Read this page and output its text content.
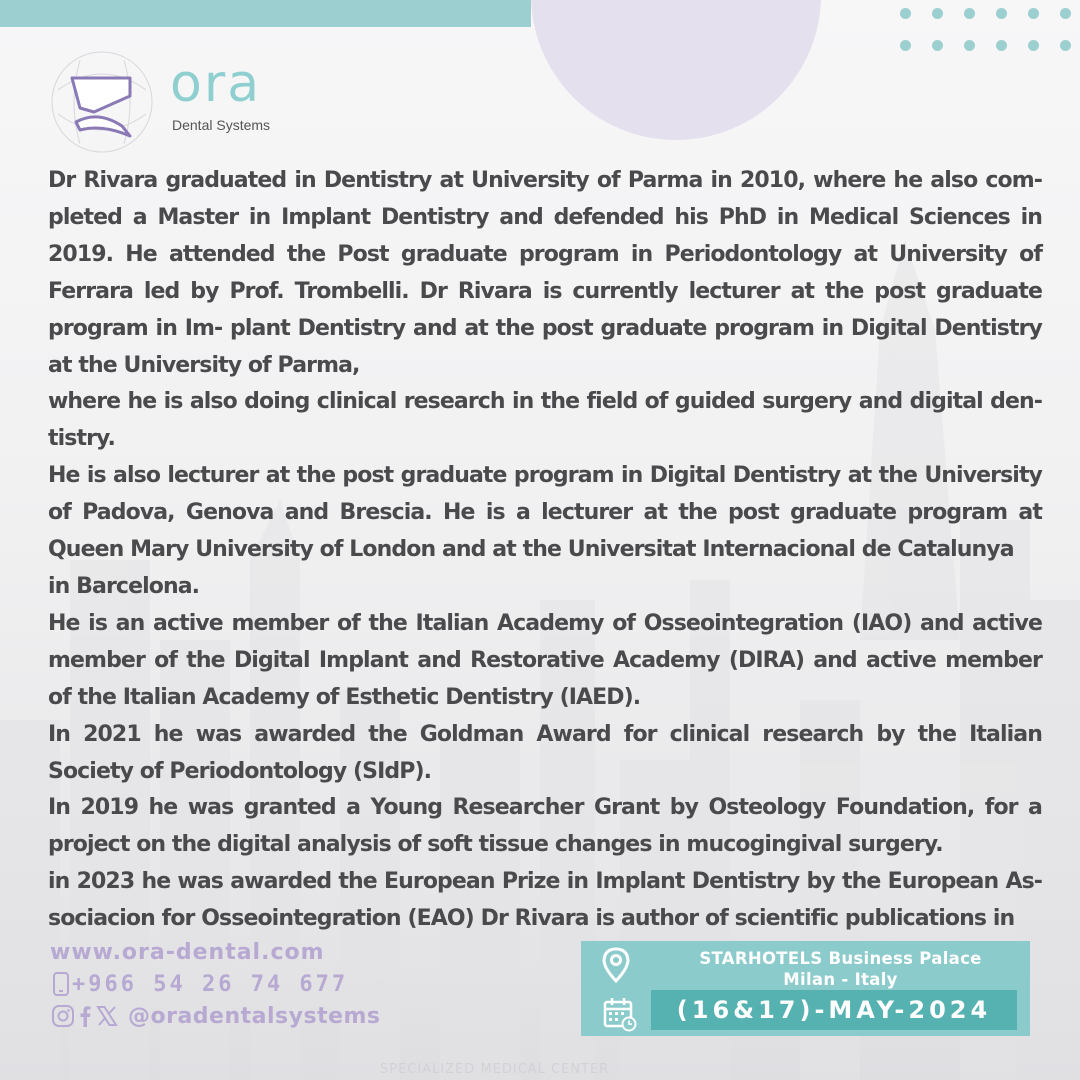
ora
Dental Systems

Dr Rivara graduated in Dentistry at University of Parma in 2010, where he also com- pleted a Master in Implant Dentistry and defended his PhD in Medical Sciences in 2019. He attended the Post graduate program in Periodontology at University of Ferrara led by Prof. Trombelli. Dr Rivara is currently lecturer at the post graduate program in Im- plant Dentistry and at the post graduate program in Digital Dentistry at the University of Parma,

where he is also doing clinical research in the field of guided surgery and digital den- tistry.

He is also lecturer at the post graduate program in Digital Dentistry at the University of Padova, Genova and Brescia. He is a lecturer at the post graduate program at Queen Mary University of London and at the Universitat Internacional de Catalunya

in Barcelona.

He is an active member of the Italian Academy of Osseointegration (IAO) and active member of the Digital Implant and Restorative Academy (DIRA) and active member of the Italian Academy of Esthetic Dentistry (IAED).

In 2021 he was awarded the Goldman Award for clinical research by the Italian Society of Periodontology (SIdP).

In 2019 he was granted a Young Researcher Grant by Osteology Foundation, for a project on the digital analysis of soft tissue changes in mucogingival surgery.

in 2023 he was awarded the European Prize in Implant Dentistry by the European As- sociacion for Osseointegration (EAO) Dr Rivara is author of scientific publications in

www.ora-dental.com
+966 54 26 74 677
@oradentalsystems
STARHOTELS Business Palace
Milan - Italy
(16&17)-MAY-2024
SPECIALIZED MEDICAL CENTER
